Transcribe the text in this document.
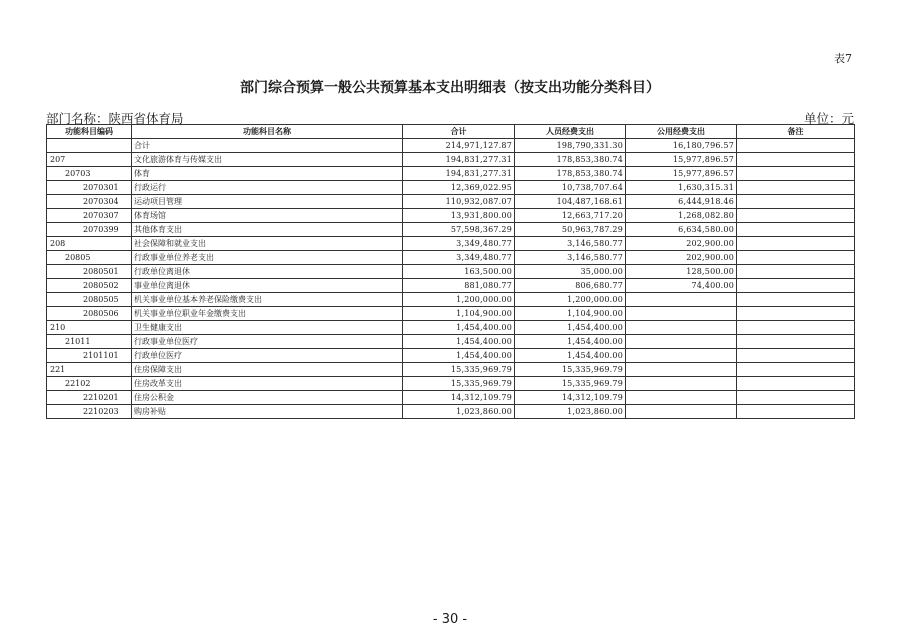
表7
部门综合预算一般公共预算基本支出明细表（按支出功能分类科目）
部门名称：陕西省体育局	单位：元
功能科目编码	功能科目名称	合计	人员经费支出	公用经费支出	备注
	合计	214,971,127.87	198,790,331.30	16,180,796.57	
207	文化旅游体育与传媒支出	194,831,277.31	178,853,380.74	15,977,896.57	
20703	体育	194,831,277.31	178,853,380.74	15,977,896.57	
2070301	行政运行	12,369,022.95	10,738,707.64	1,630,315.31	
2070304	运动项目管理	110,932,087.07	104,487,168.61	6,444,918.46	
2070307	体育场馆	13,931,800.00	12,663,717.20	1,268,082.80	
2070399	其他体育支出	57,598,367.29	50,963,787.29	6,634,580.00	
208	社会保障和就业支出	3,349,480.77	3,146,580.77	202,900.00	
20805	行政事业单位养老支出	3,349,480.77	3,146,580.77	202,900.00	
2080501	行政单位离退休	163,500.00	35,000.00	128,500.00	
2080502	事业单位离退休	881,080.77	806,680.77	74,400.00	
2080505	机关事业单位基本养老保险缴费支出	1,200,000.00	1,200,000.00		
2080506	机关事业单位职业年金缴费支出	1,104,900.00	1,104,900.00		
210	卫生健康支出	1,454,400.00	1,454,400.00		
21011	行政事业单位医疗	1,454,400.00	1,454,400.00		
2101101	行政单位医疗	1,454,400.00	1,454,400.00		
221	住房保障支出	15,335,969.79	15,335,969.79		
22102	住房改革支出	15,335,969.79	15,335,969.79		
2210201	住房公积金	14,312,109.79	14,312,109.79		
2210203	购房补贴	1,023,860.00	1,023,860.00		
- 30 -
